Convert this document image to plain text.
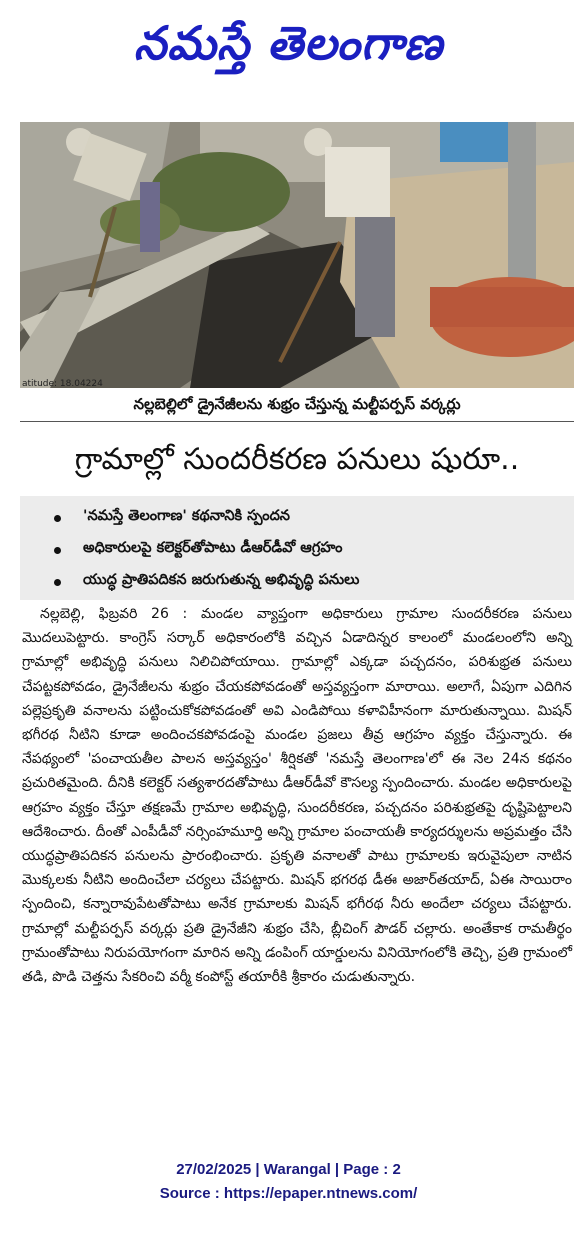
నమస్తే తెలంగాణ
atitude: 18.04224
నల్లబెల్లిలో డ్రైనేజీలను శుభ్రం చేస్తున్న మల్టీపర్పస్ వర్కర్లు
గ్రామాల్లో సుందరీకరణ పనులు షురూ..
'నమస్తే తెలంగాణ' కథనానికి స్పందన
అధికారులపై కలెక్టర్‌తోపాటు డీఆర్‌డీవో ఆగ్రహం
యుద్ధ ప్రాతిపదికన జరుగుతున్న అభివృద్ధి పనులు

నల్లబెల్లి, ఫిబ్రవరి 26 : మండల వ్యాప్తంగా అధికారులు గ్రామాల సుందరీకరణ పనులు మొదలుపెట్టారు. కాంగ్రెస్ సర్కార్ అధికారంలోకి వచ్చిన ఏడాదిన్నర కాలంలో మండలంలోని అన్ని గ్రామాల్లో అభివృద్ధి పనులు నిలిచిపోయాయి. గ్రామాల్లో ఎక్కడా పచ్చదనం, పరిశుభ్రత పనులు చేపట్టకపోవడం, డ్రైనేజీలను శుభ్రం చేయకపోవడంతో అస్తవ్యస్తంగా మారాయి. అలాగే, ఏపుగా ఎదిగిన పల్లెప్రకృతి వనాలను పట్టించుకోకపోవడంతో అవి ఎండిపోయి కళావిహీనంగా మారుతున్నాయి. మిషన్ భగీరథ నీటిని కూడా అందించకపోవడంపై మండల ప్రజలు తీవ్ర ఆగ్రహం వ్యక్తం చేస్తున్నారు. ఈ నేపథ్యంలో 'పంచాయతీల పాలన అస్తవ్యస్తం' శీర్షికతో 'నమస్తే తెలంగాణ'లో ఈ నెల 24న కథనం ప్రచురితమైంది. దీనికి కలెక్టర్ సత్యశారదతోపాటు డీఆర్‌డీవో కౌసల్య స్పందించారు. మండల అధికారులపై ఆగ్రహం వ్యక్తం చేస్తూ తక్షణమే గ్రామాల అభివృద్ధి, సుందరీకరణ, పచ్చదనం పరిశుభ్రతపై దృష్టిపెట్టాలని ఆదేశించారు. దీంతో ఎంపీడీవో నర్సింహమూర్తి అన్ని గ్రామాల పంచాయతీ కార్యదర్శులను అప్రమత్తం చేసి యుద్ధప్రాతిపదికన పనులను ప్రారంభించారు. ప్రకృతి వనాలతో పాటు గ్రామాలకు ఇరువైపులా నాటిన మొక్కలకు నీటిని అందించేలా చర్యలు చేపట్టారు. మిషన్ భగరథ డీఈ అజార్‌తయాద్, ఏఈ సాయిరాం స్పందించి, కన్నారావుపేటతోపాటు అనేక గ్రామాలకు మిషన్ భగీరథ నీరు అందేలా చర్యలు చేపట్టారు. గ్రామాల్లో మల్టీపర్పస్ వర్కర్లు ప్రతి డ్రైనేజీని శుభ్రం చేసి, బ్లీచింగ్ పౌడర్ చల్లారు. అంతేకాక రామతీర్థం గ్రామంతోపాటు నిరుపయోగంగా మారిన అన్ని డంపింగ్ యార్డులను వినియోగంలోకి తెచ్చి, ప్రతి గ్రామంలో తడి, పొడి చెత్తను సేకరించి వర్మీ కంపోస్ట్ తయారీకి శ్రీకారం చుడుతున్నారు.

27/02/2025 | Warangal | Page : 2
Source : https://epaper.ntnews.com/
